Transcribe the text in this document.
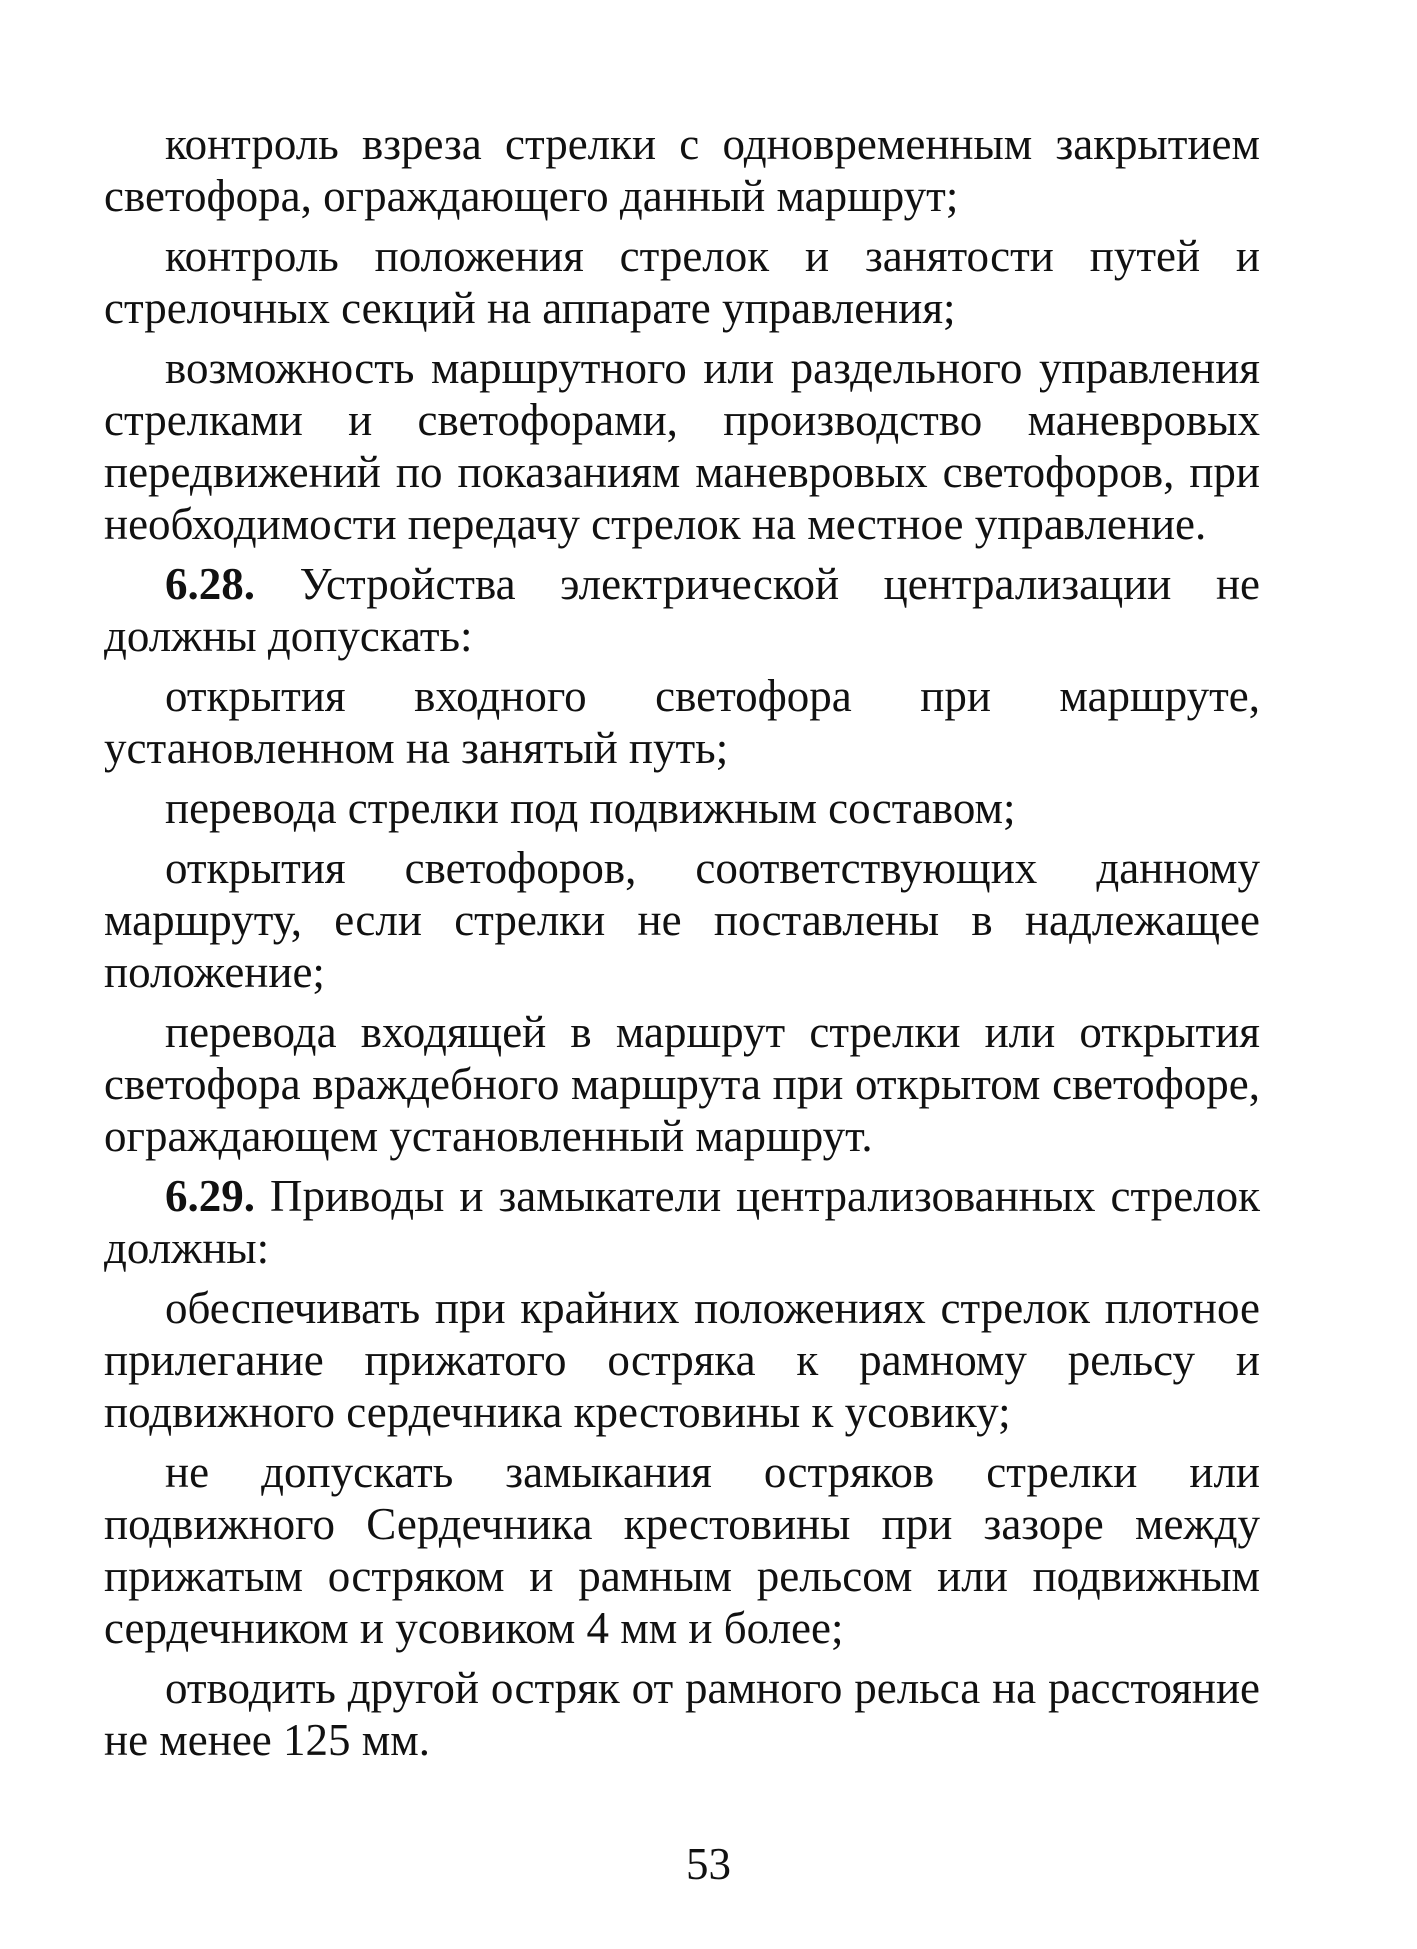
контроль взреза стрелки с одновременным закрытием светофора, ограждающего данный маршрут;

контроль положения стрелок и занятости путей и стрелочных секций на аппарате управления;

возможность маршрутного или раздельного управления стрелками и светофорами, производство маневровых передвижений по показаниям маневровых светофоров, при необходимости передачу стрелок на местное управление.

6.28. Устройства электрической централизации не должны допускать:

открытия входного светофора при маршруте, установленном на занятый путь;

перевода стрелки под подвижным составом;

открытия светофоров, соответствующих данному маршруту, если стрелки не поставлены в надлежащее положение;

перевода входящей в маршрут стрелки или открытия светофора враждебного маршрута при открытом светофоре, ограждающем установленный маршрут.

6.29. Приводы и замыкатели централизованных стрелок должны:

обеспечивать при крайних положениях стрелок плотное прилегание прижатого остряка к рамному рельсу и подвижного сердечника крестовины к усовику;

не допускать замыкания остряков стрелки или подвижного Сердечника крестовины при зазоре между прижатым остряком и рамным рельсом или подвижным сердечником и усовиком 4 мм и более;

отводить другой остряк от рамного рельса на расстояние не менее 125 мм.

53
